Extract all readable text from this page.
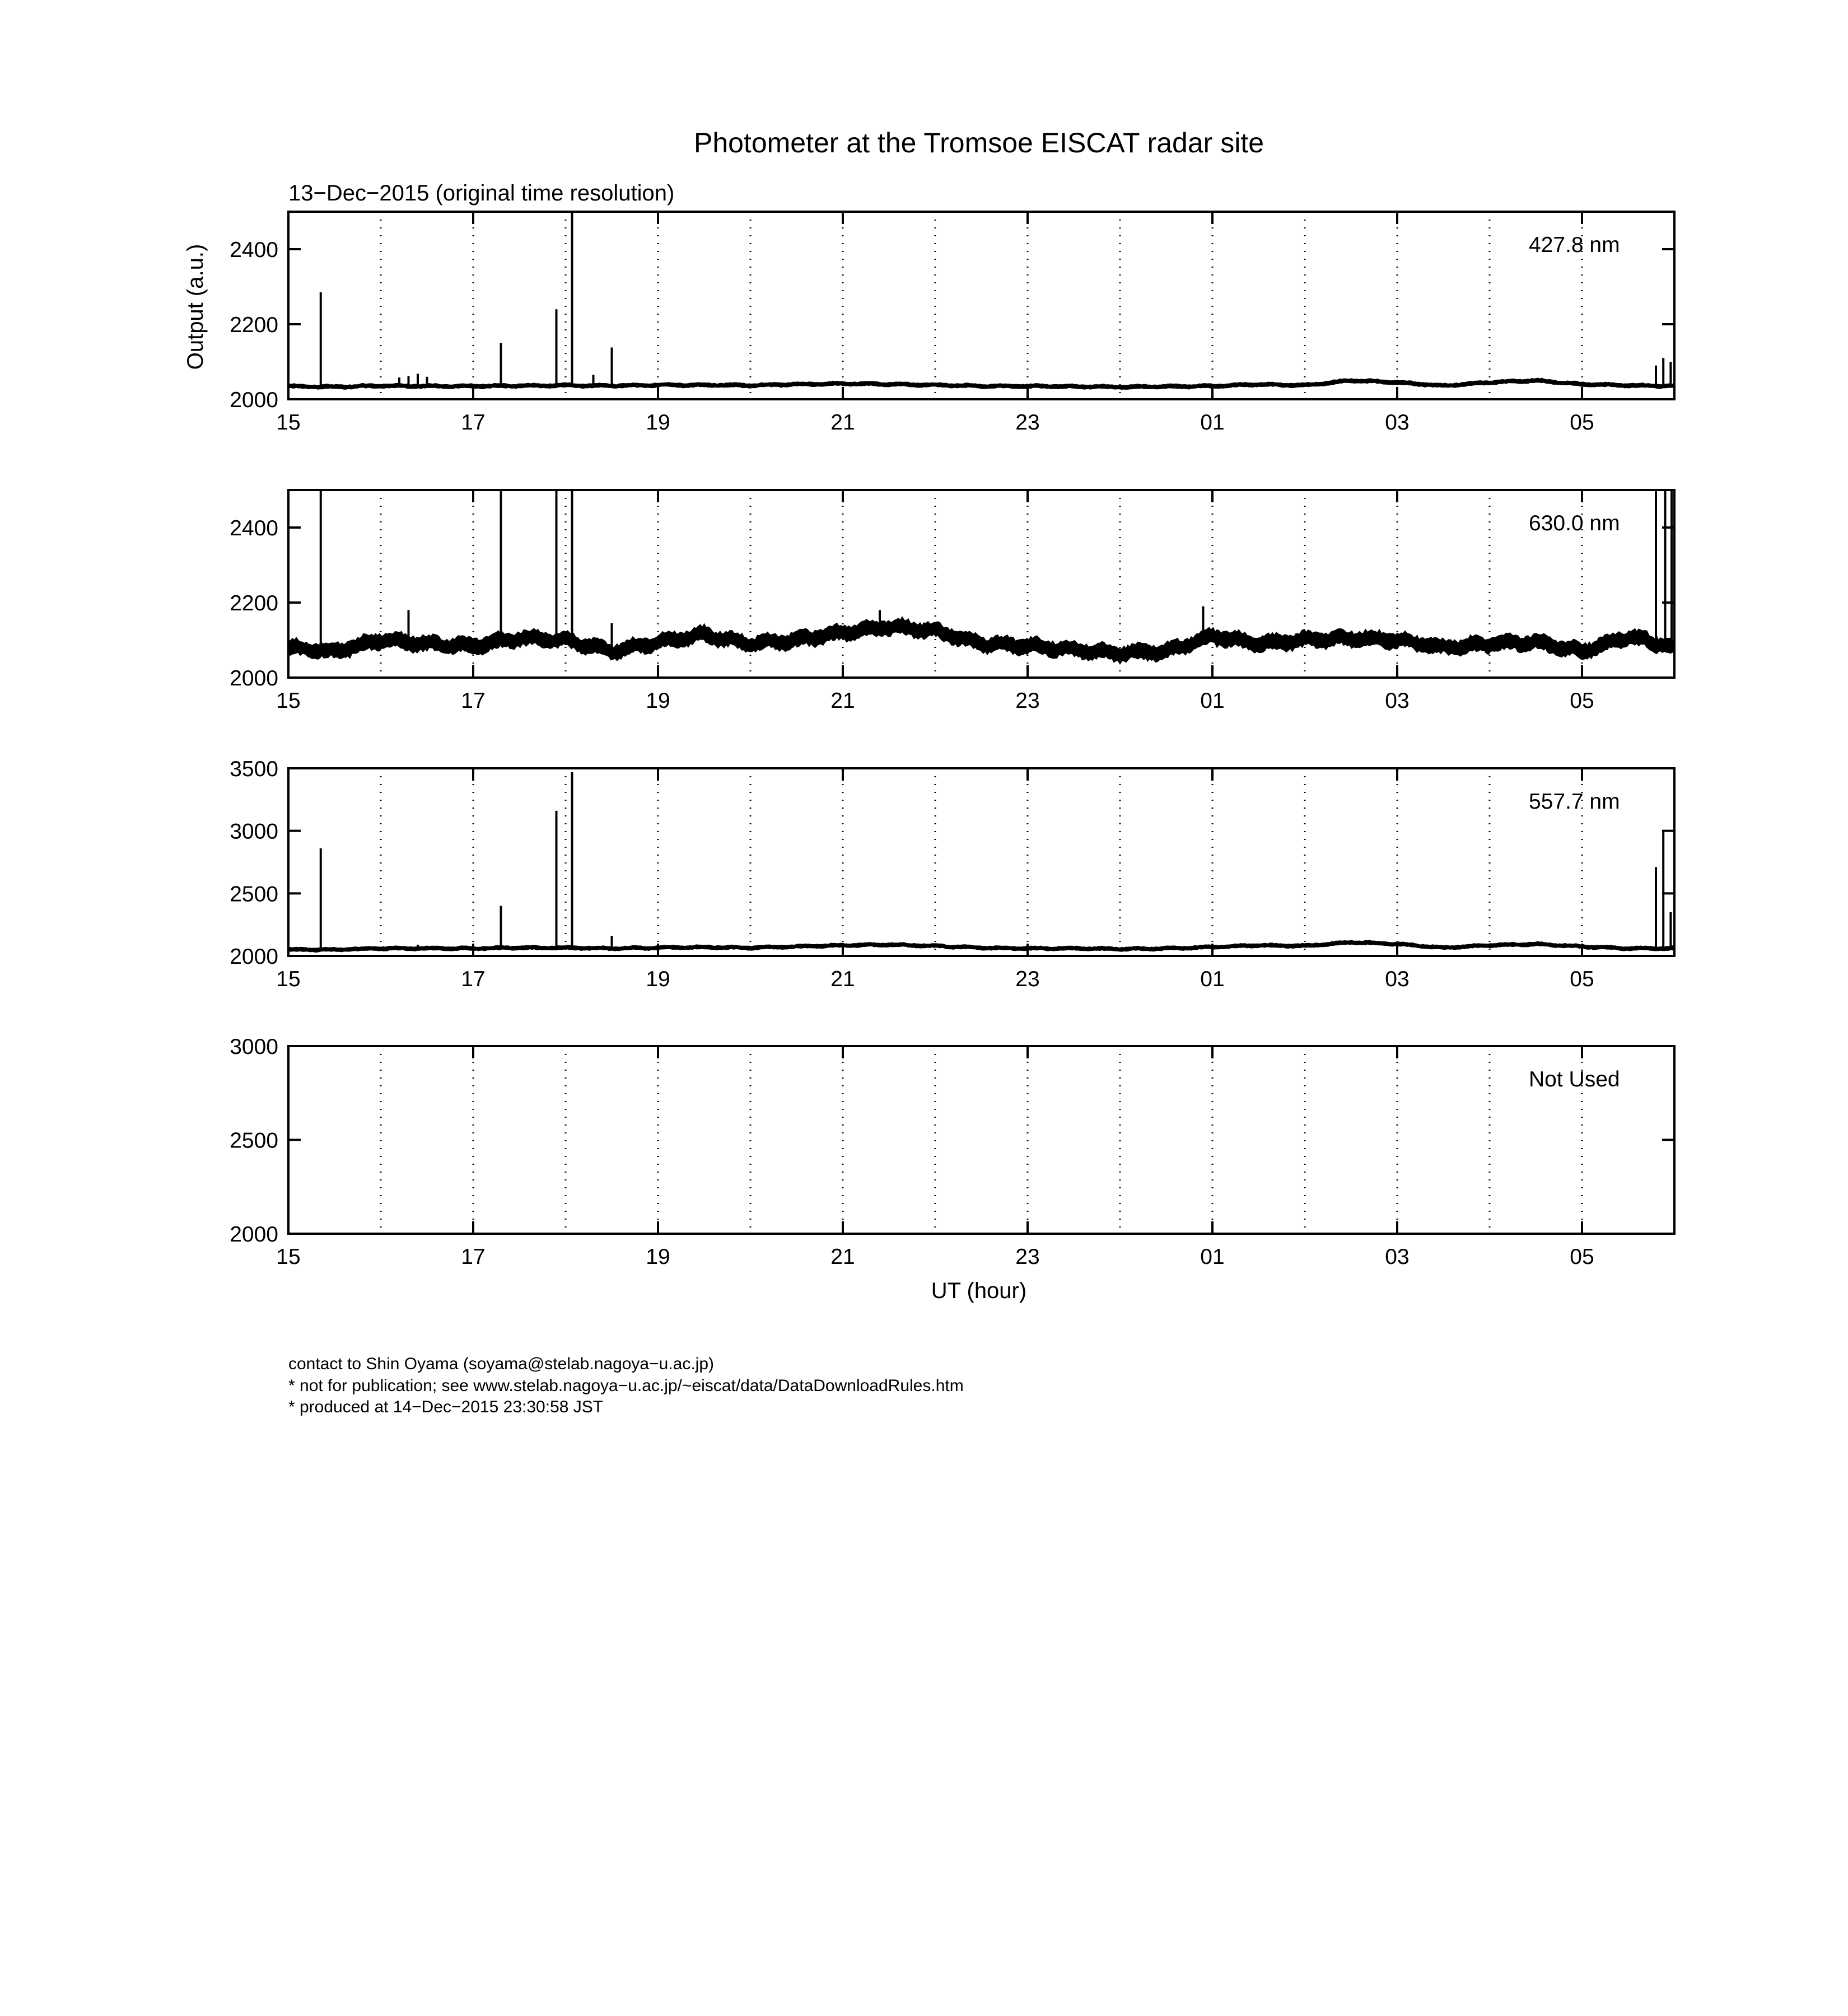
Photometer at the Tromsoe EISCAT radar site
13−Dec−2015 (original time resolution)
Output (a.u.)
UT (hour)
contact to Shin Oyama (soyama@stelab.nagoya−u.ac.jp)
* not for publication; see www.stelab.nagoya−u.ac.jp/~eiscat/data/DataDownloadRules.htm
* produced at 14−Dec−2015 23:30:58 JST
2000
2200
2400
15	17	19	21	23	01	03	05
427.8 nm
2000
2200
2400
15	17	19	21	23	01	03	05
630.0 nm
2000
2500
3000
3500
15	17	19	21	23	01	03	05
557.7 nm
2000
2500
3000
15	17	19	21	23	01	03	05
Not Used
